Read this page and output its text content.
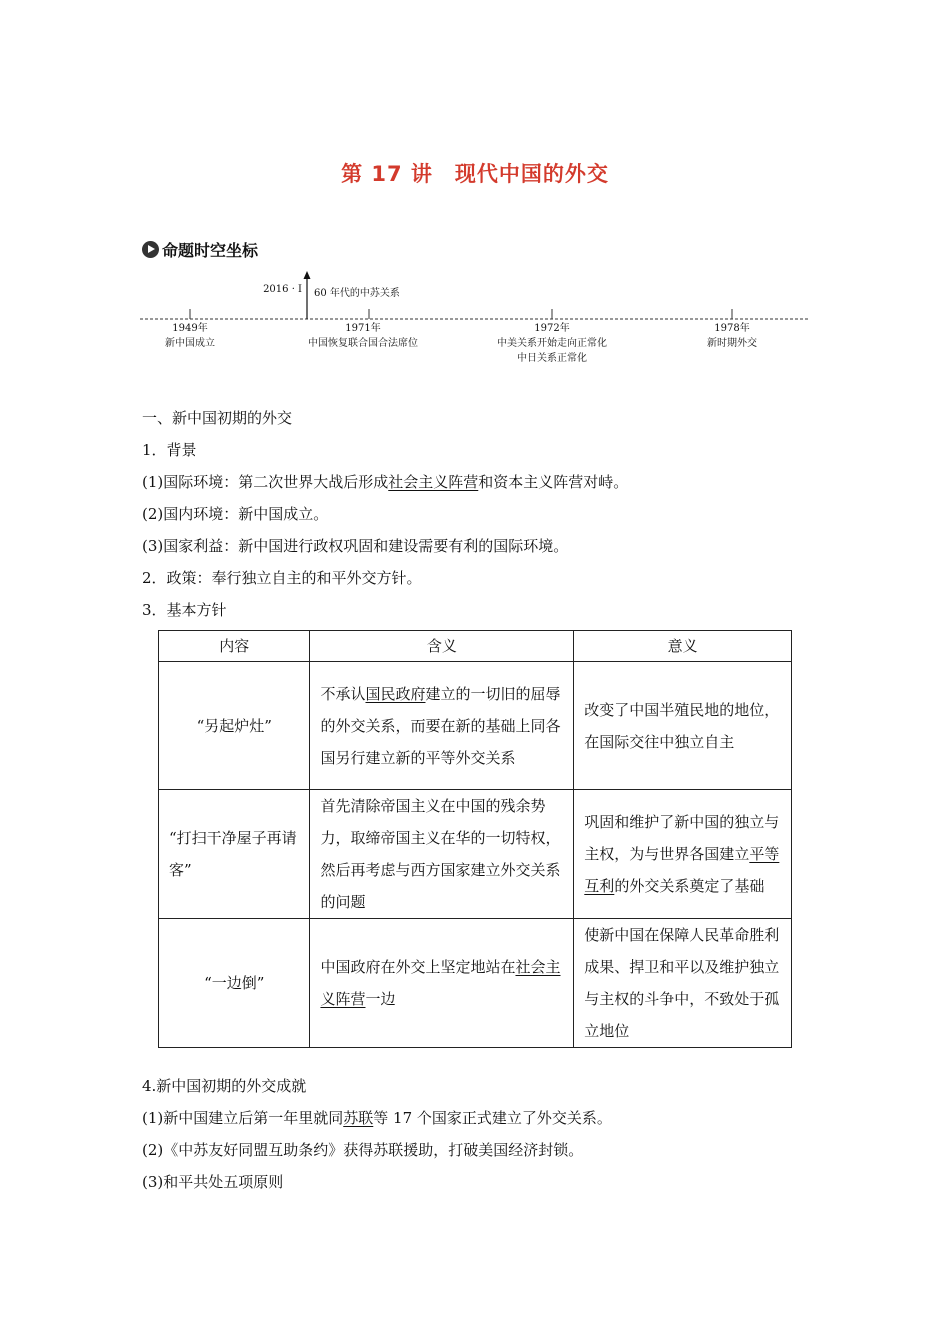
第 17 讲　现代中国的外交
命题时空坐标
2016 · Ⅰ 60 年代的中苏关系
1949年
新中国成立
1971年
中国恢复联合国合法席位
1972年
中美关系开始走向正常化
中日关系正常化
1978年
新时期外交
一、新中国初期的外交
1．背景
(1)国际环境：第二次世界大战后形成社会主义阵营和资本主义阵营对峙。
(2)国内环境：新中国成立。
(3)国家利益：新中国进行政权巩固和建设需要有利的国际环境。
2．政策：奉行独立自主的和平外交方针。
3．基本方针
内容	含义	意义
“另起炉灶”	不承认国民政府建立的一切旧的屈辱的外交关系，而要在新的基础上同各国另行建立新的平等外交关系	改变了中国半殖民地的地位，在国际交往中独立自主
“打扫干净屋子再请客”	首先清除帝国主义在中国的残余势力，取缔帝国主义在华的一切特权，然后再考虑与西方国家建立外交关系的问题	巩固和维护了新中国的独立与主权，为与世界各国建立平等互利的外交关系奠定了基础
“一边倒”	中国政府在外交上坚定地站在社会主义阵营一边	使新中国在保障人民革命胜利成果、捍卫和平以及维护独立与主权的斗争中，不致处于孤立地位
4.新中国初期的外交成就
(1)新中国建立后第一年里就同苏联等 17 个国家正式建立了外交关系。
(2)《中苏友好同盟互助条约》获得苏联援助，打破美国经济封锁。
(3)和平共处五项原则
